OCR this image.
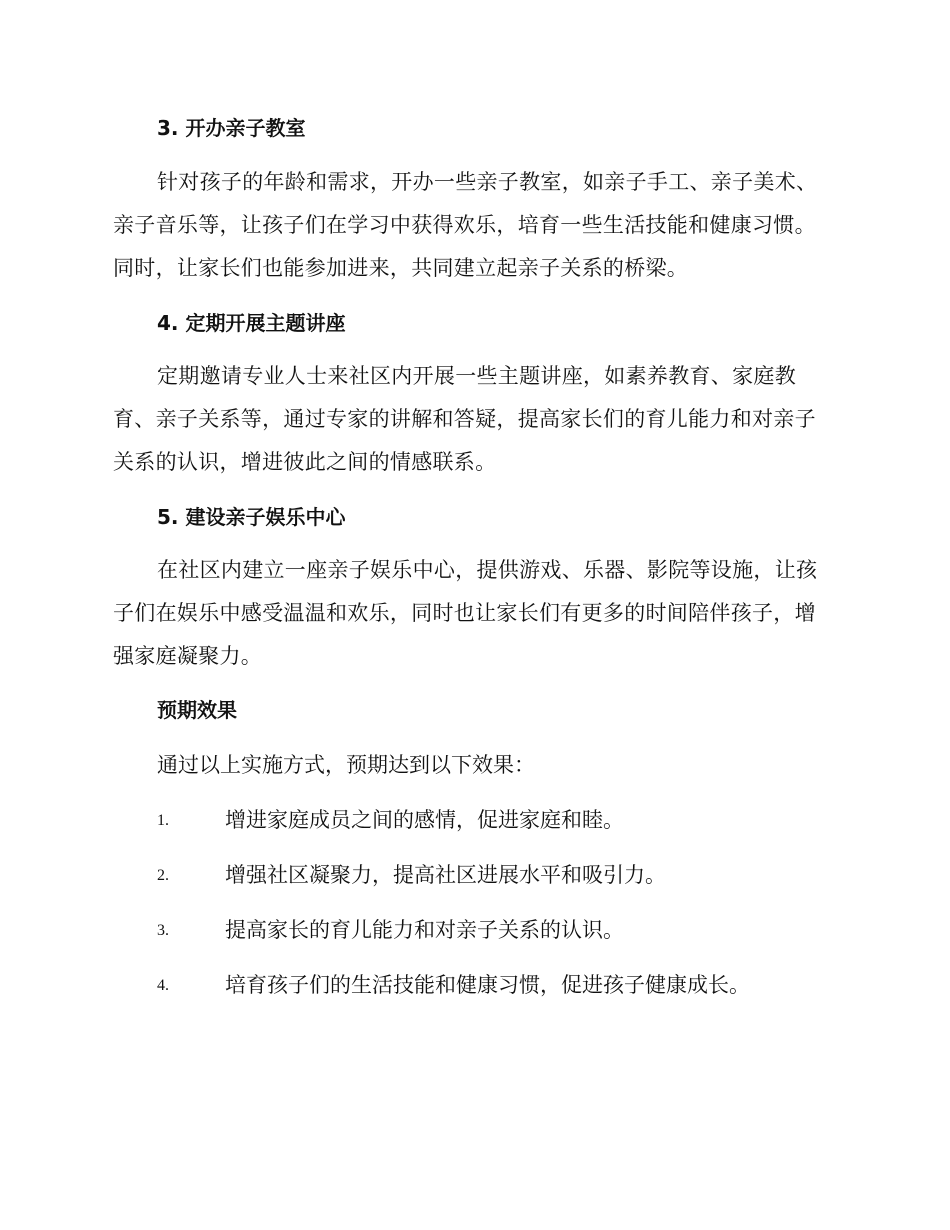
3. 开办亲子教室
针对孩子的年龄和需求，开办一些亲子教室，如亲子手工、亲子美术、亲子音乐等，让孩子们在学习中获得欢乐，培育一些生活技能和健康习惯。同时，让家长们也能参加进来，共同建立起亲子关系的桥梁。
4. 定期开展主题讲座
定期邀请专业人士来社区内开展一些主题讲座，如素养教育、家庭教育、亲子关系等，通过专家的讲解和答疑，提高家长们的育儿能力和对亲子关系的认识，增进彼此之间的情感联系。
5. 建设亲子娱乐中心
在社区内建立一座亲子娱乐中心，提供游戏、乐器、影院等设施，让孩子们在娱乐中感受温温和欢乐，同时也让家长们有更多的时间陪伴孩子，增强家庭凝聚力。
预期效果
通过以上实施方式，预期达到以下效果：
1.	增进家庭成员之间的感情，促进家庭和睦。
2.	增强社区凝聚力，提高社区进展水平和吸引力。
3.	提高家长的育儿能力和对亲子关系的认识。
4.	培育孩子们的生活技能和健康习惯，促进孩子健康成长。
